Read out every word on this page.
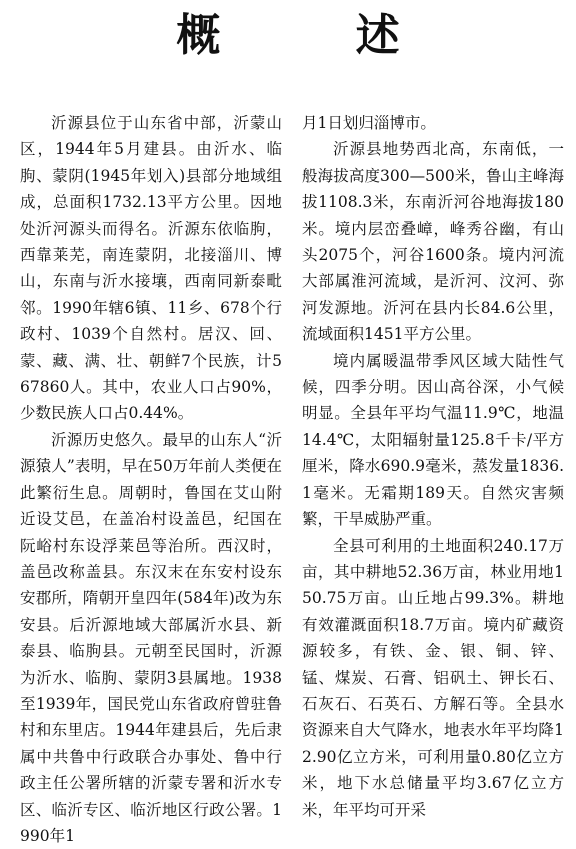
概 述

沂源县位于山东省中部，沂蒙山区，1944年5月建县。由沂水、临朐、蒙阴(1945年划入)县部分地域组成，总面积1732.13平方公里。因地处沂河源头而得名。沂源东依临朐，西靠莱芜，南连蒙阴，北接淄川、博山，东南与沂水接壤，西南同新泰毗邻。1990年辖6镇、11乡、678个行政村、1039个自然村。居汉、回、蒙、藏、满、壮、朝鲜7个民族，计567860人。其中，农业人口占90%，少数民族人口占0.44%。

沂源历史悠久。最早的山东人“沂源猿人”表明，早在50万年前人类便在此繁衍生息。周朝时，鲁国在艾山附近设艾邑，在盖冶村设盖邑，纪国在阮峪村东设浮莱邑等治所。西汉时，盖邑改称盖县。东汉末在东安村设东安郡所，隋朝开皇四年(584年)改为东安县。后沂源地域大部属沂水县、新泰县、临朐县。元朝至民国时，沂源为沂水、临朐、蒙阴3县属地。1938至1939年，国民党山东省政府曾驻鲁村和东里店。1944年建县后，先后隶属中共鲁中行政联合办事处、鲁中行政主任公署所辖的沂蒙专署和沂水专区、临沂专区、临沂地区行政公署。1990年1

月1日划归淄博市。

沂源县地势西北高，东南低，一般海拔高度300—500米，鲁山主峰海拔1108.3米，东南沂河谷地海拔180米。境内层峦叠嶂，峰秀谷幽，有山头2075个，河谷1600条。境内河流大部属淮河流域，是沂河、汶河、弥河发源地。沂河在县内长84.6公里，流域面积1451平方公里。

境内属暖温带季风区域大陆性气候，四季分明。因山高谷深，小气候明显。全县年平均气温11.9℃，地温14.4℃，太阳辐射量125.8千卡/平方厘米，降水690.9毫米，蒸发量1836.1毫米。无霜期189天。自然灾害频繁，干旱威胁严重。

全县可利用的土地面积240.17万亩，其中耕地52.36万亩，林业用地150.75万亩。山丘地占99.3%。耕地有效灌溉面积18.7万亩。境内矿藏资源较多，有铁、金、银、铜、锌、锰、煤炭、石膏、铝矾土、钾长石、石灰石、石英石、方解石等。全县水资源来自大气降水，地表水年平均降12.90亿立方米，可利用量0.80亿立方米，地下水总储量平均3.67亿立方米，年平均可开采
